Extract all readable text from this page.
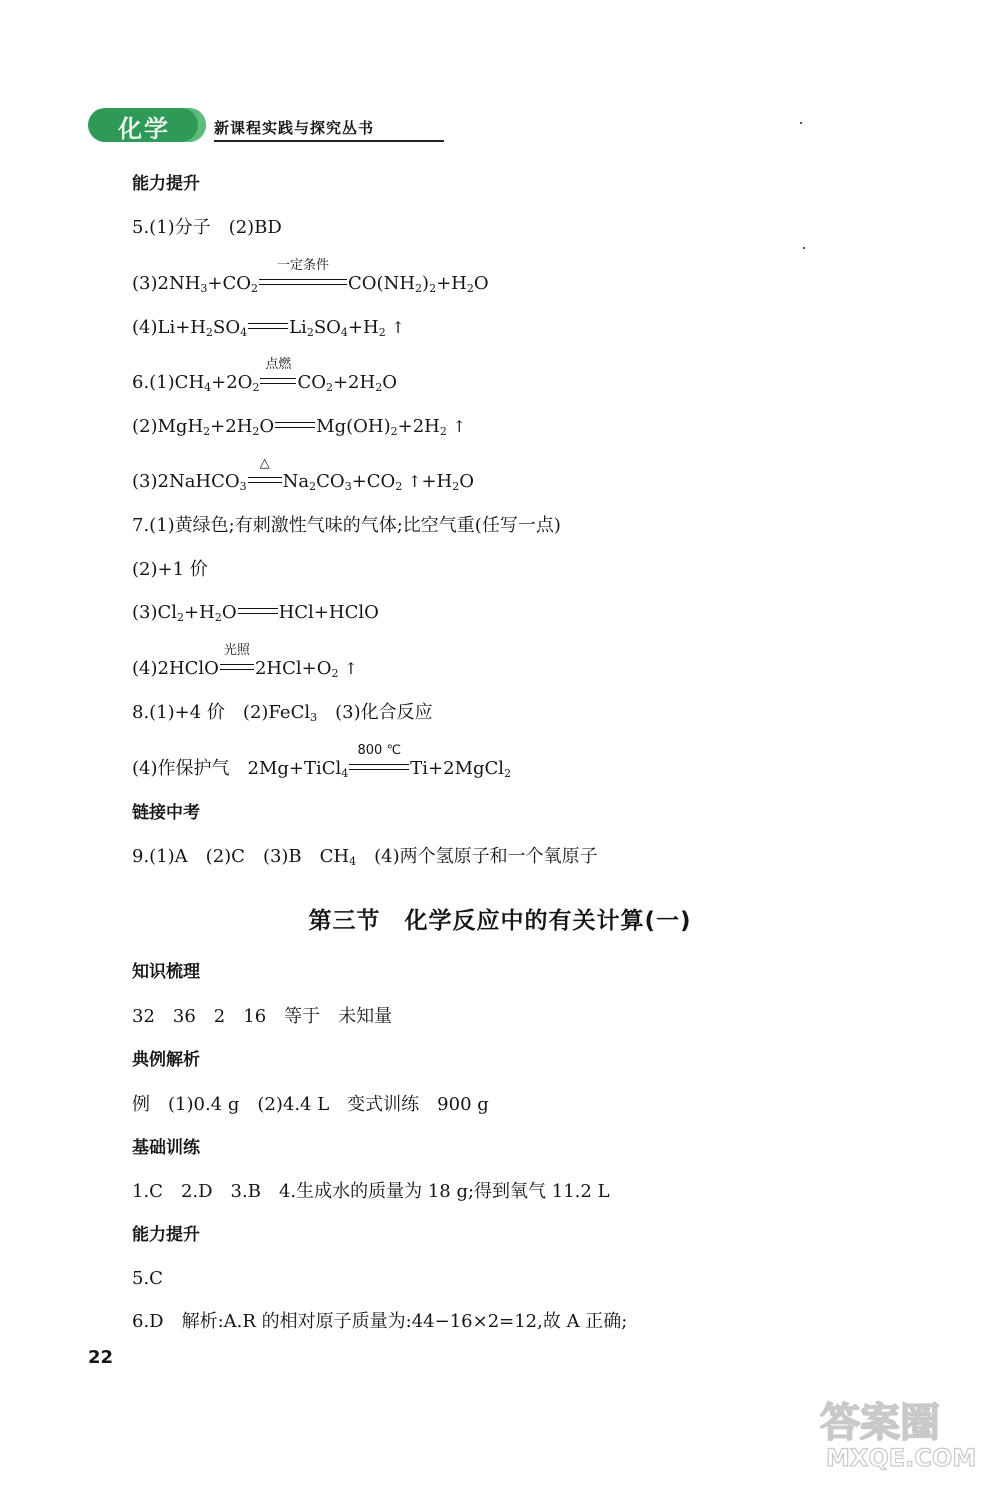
化学	新课程实践与探究丛书
能力提升
5.(1)分子　(2)BD
$(3)2NH_3+CO_2$
一定条件
$CO(NH_2)_2+H_2O$
$(4)Li+H_2SO_4$ $Li_2SO_4+H_2$ ↑
$6.(1)CH_4+2O_2$
点燃
$CO_2+2H_2O$
$(2)MgH_2+2H_2O$ $Mg(OH)_2+2H_2$ ↑
(3)2NaHCO$_3$
△
$Na_2CO_3+CO_2$ $↑+H_2O$
7.(1)黄绿色;有刺激性气味的气体;比空气重(任写一点)
(2)+1 价
$(3)Cl_2+H_2O$ HCl+HClO
(4)2HClO
光照
$2HCl+O_2$ ↑
8.(1)+4 价　(2)FeCl$_3$　 (3)化合反应
(4)作保护气　2Mg+TiCl$_4$
800 ℃
Ti+2MgCl$_2$
链接中考
9.(1)A　(2)C　(3)B　$CH_4$　 (4)两个氢原子和一个氧原子
第三节　化学反应中的有关计算(一)
知识梳理
32　36　2　16　等于　未知量
典例解析
例　(1)0.4 g　(2)4.4 L　变式训练　900 g
基础训练
1.C　2.D　3.B　4.生成水的质量为 18 g;得到氧气 11.2 L
能力提升
5.C
6.D　解析:A.R 的相对原子质量为:44−16×2=12,故 A 正确;
22
答案圈
MXQE.COM
